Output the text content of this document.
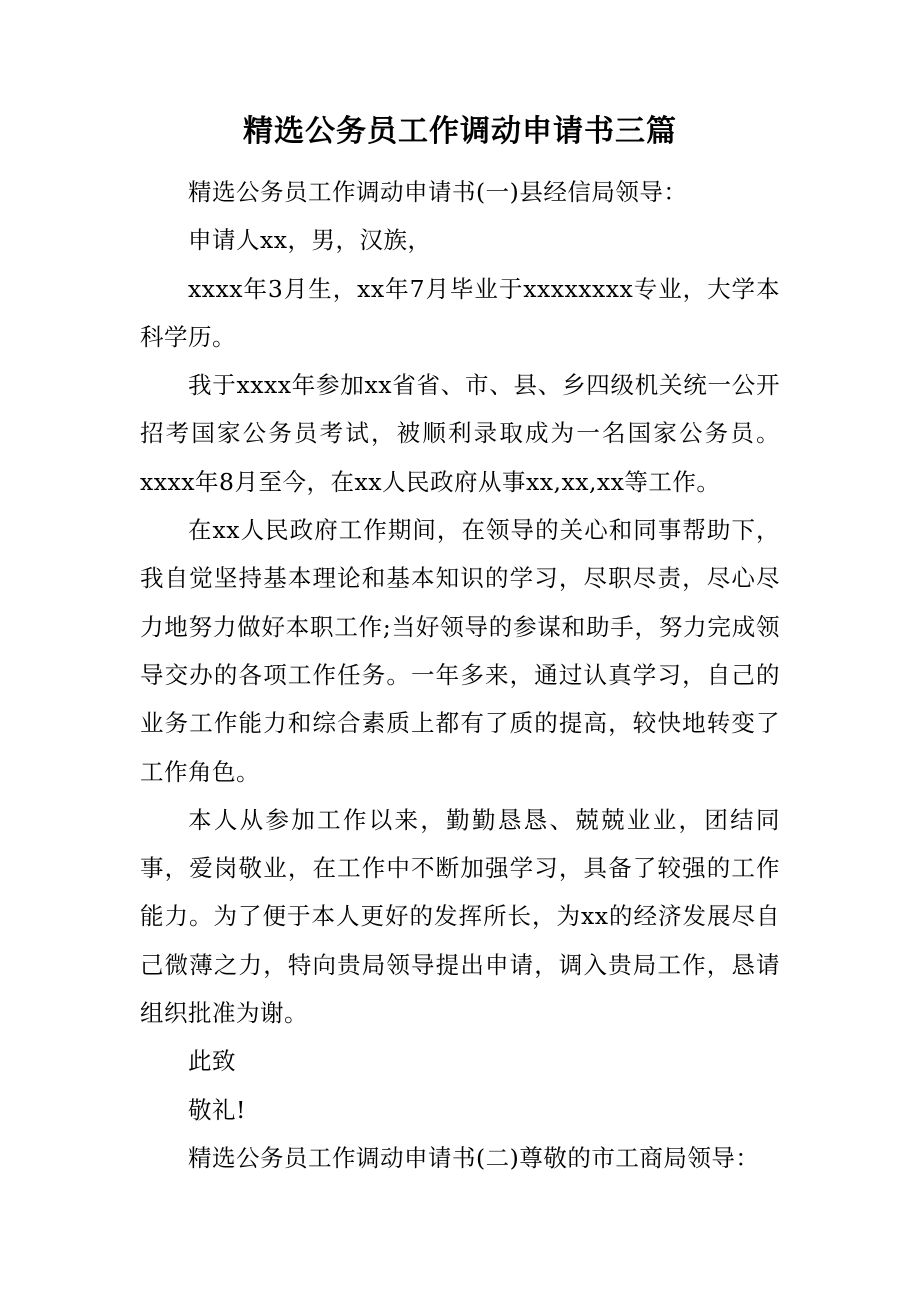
精选公务员工作调动申请书三篇

精选公务员工作调动申请书(一)县经信局领导：

申请人xx，男，汉族，

xxxx年3月生，xx年7月毕业于xxxxxxxx专业，大学本科学历。

我于xxxx年参加xx省省、市、县、乡四级机关统一公开招考国家公务员考试，被顺利录取成为一名国家公务员。xxxx年8月至今，在xx人民政府从事xx,xx,xx等工作。

在xx人民政府工作期间，在领导的关心和同事帮助下，我自觉坚持基本理论和基本知识的学习，尽职尽责，尽心尽力地努力做好本职工作;当好领导的参谋和助手，努力完成领导交办的各项工作任务。一年多来，通过认真学习，自己的业务工作能力和综合素质上都有了质的提高，较快地转变了工作角色。

本人从参加工作以来，勤勤恳恳、兢兢业业，团结同事，爱岗敬业，在工作中不断加强学习，具备了较强的工作能力。为了便于本人更好的发挥所长，为xx的经济发展尽自己微薄之力，特向贵局领导提出申请，调入贵局工作，恳请组织批准为谢。

此致

敬礼!

精选公务员工作调动申请书(二)尊敬的市工商局领导：
